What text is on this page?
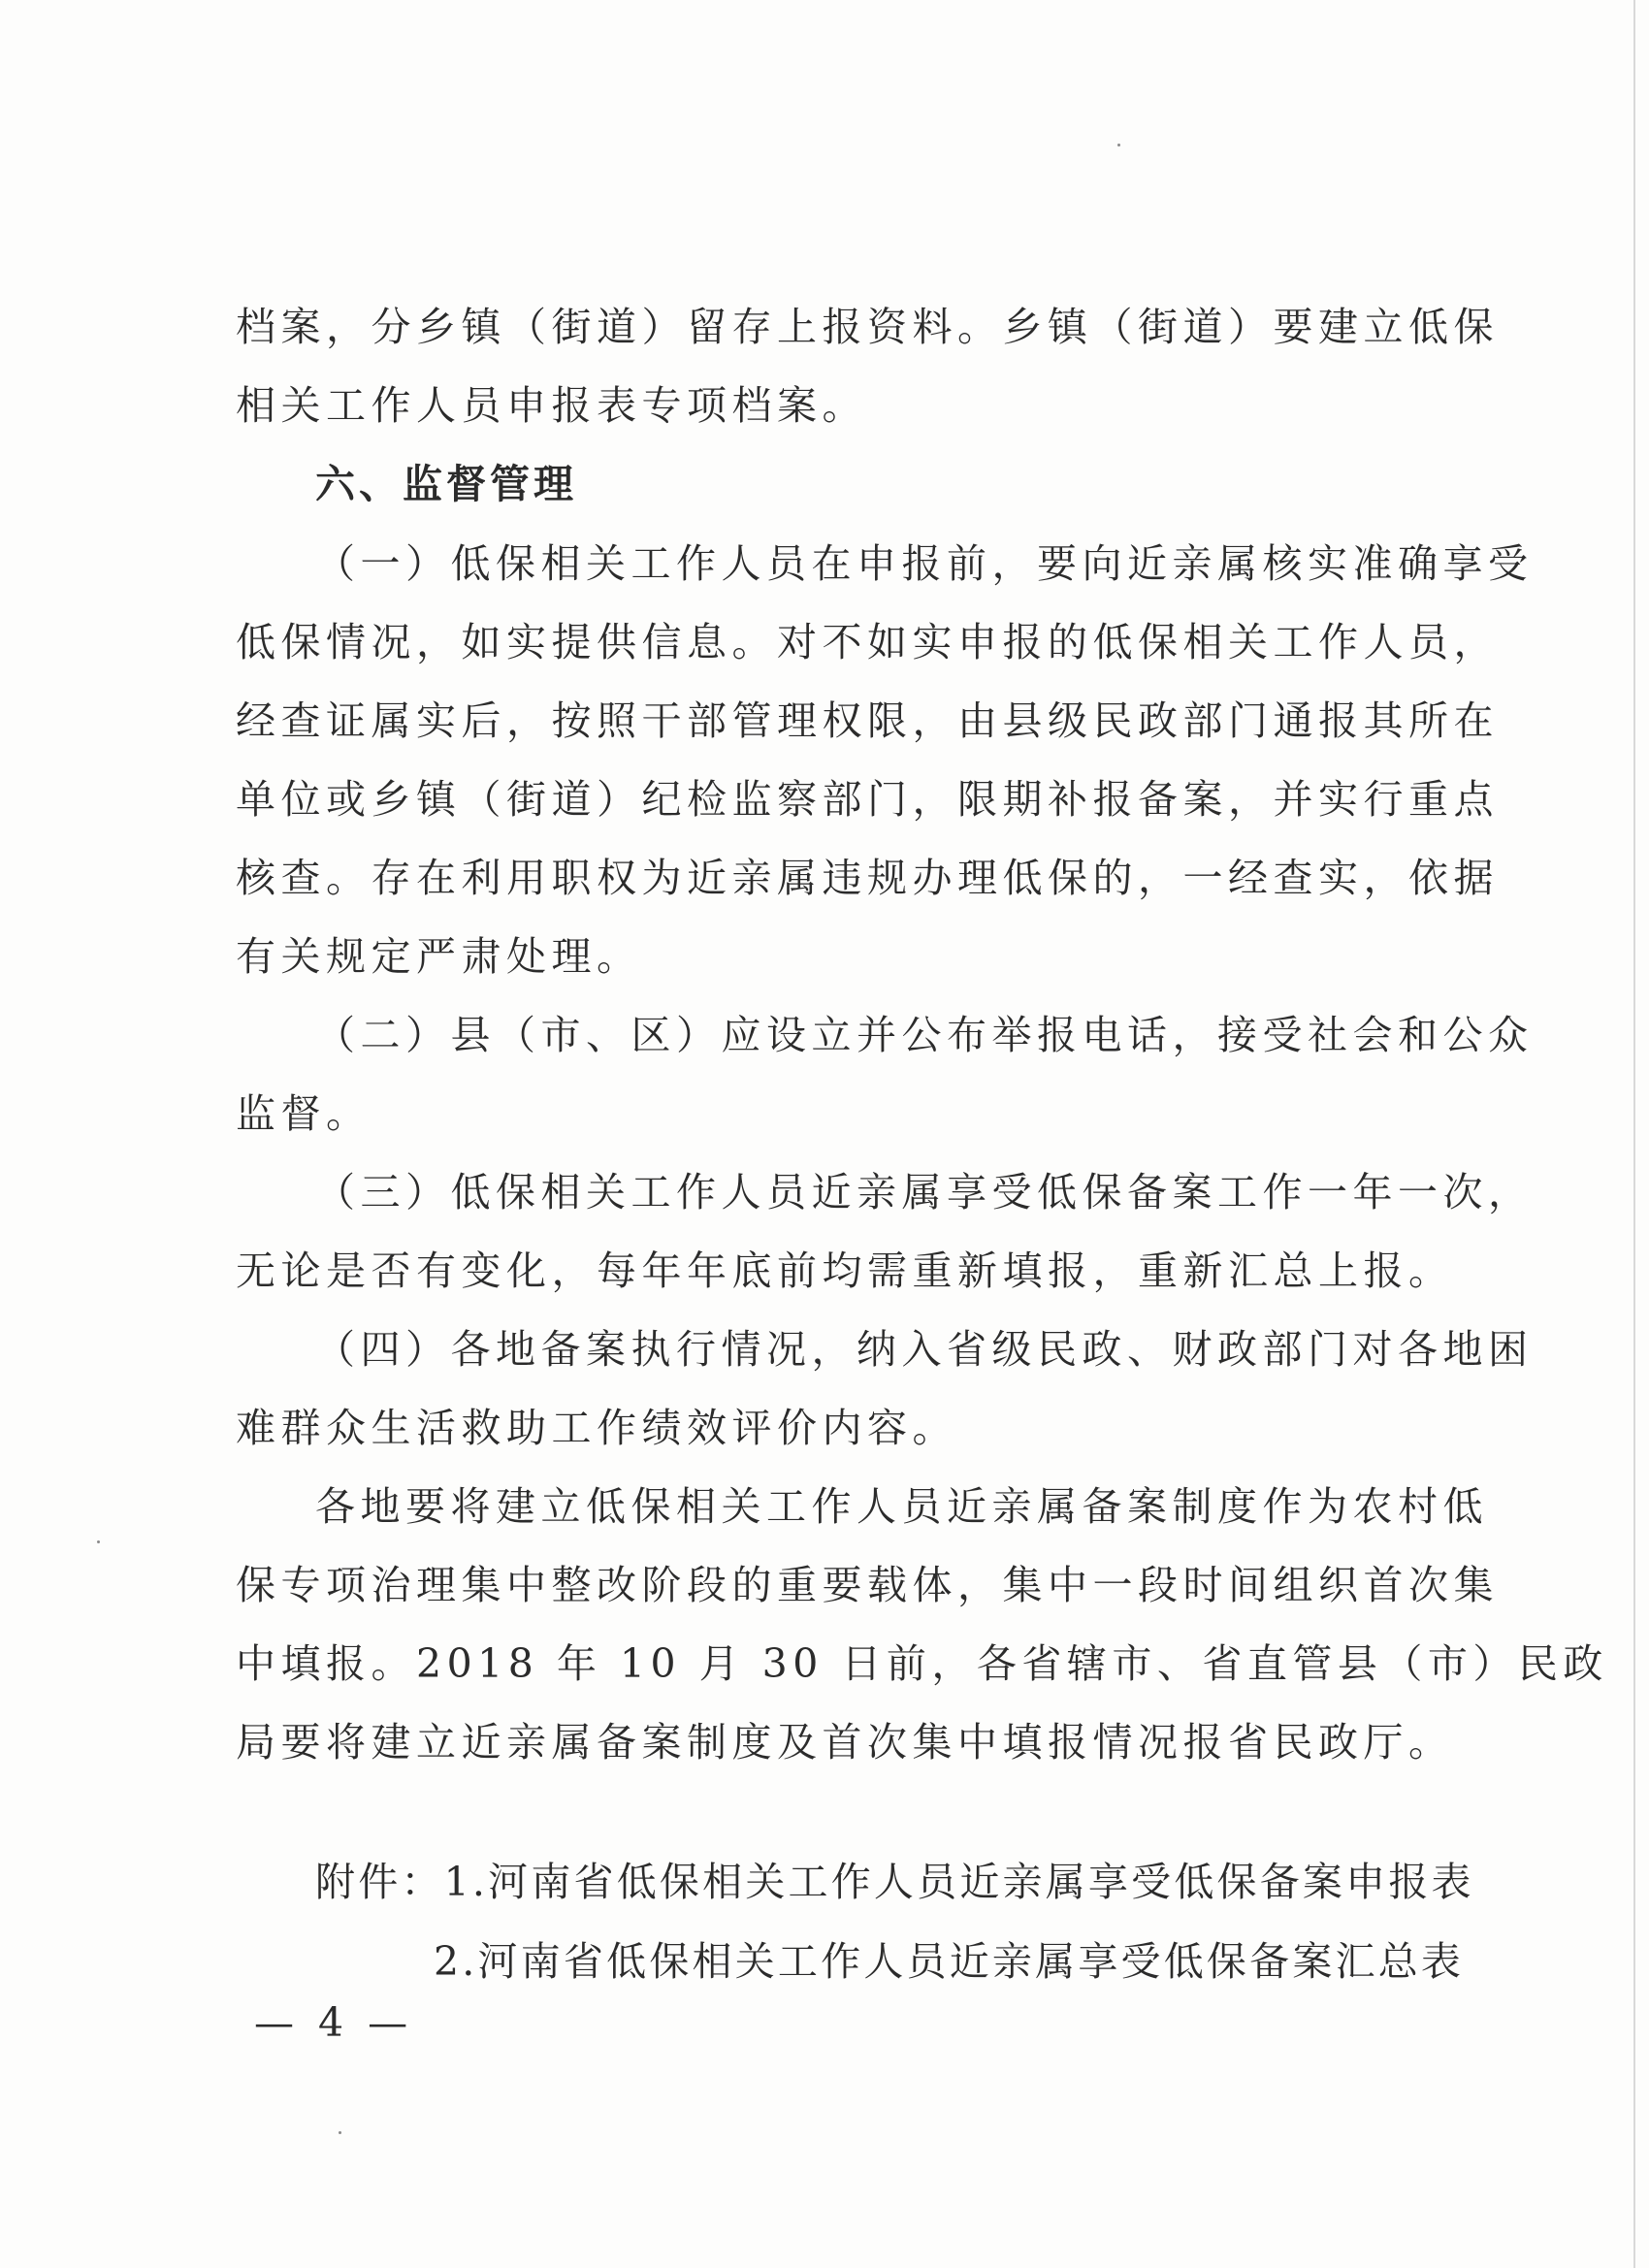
档案，分乡镇（街道）留存上报资料。乡镇（街道）要建立低保
相关工作人员申报表专项档案。
六、监督管理
（一）低保相关工作人员在申报前，要向近亲属核实准确享受
低保情况，如实提供信息。对不如实申报的低保相关工作人员，
经查证属实后，按照干部管理权限，由县级民政部门通报其所在
单位或乡镇（街道）纪检监察部门，限期补报备案，并实行重点
核查。存在利用职权为近亲属违规办理低保的，一经查实，依据
有关规定严肃处理。
（二）县（市、区）应设立并公布举报电话，接受社会和公众
监督。
（三）低保相关工作人员近亲属享受低保备案工作一年一次，
无论是否有变化，每年年底前均需重新填报，重新汇总上报。
（四）各地备案执行情况，纳入省级民政、财政部门对各地困
难群众生活救助工作绩效评价内容。
各地要将建立低保相关工作人员近亲属备案制度作为农村低
保专项治理集中整改阶段的重要载体，集中一段时间组织首次集
中填报。2018 年 10 月 30 日前，各省辖市、省直管县（市）民政
局要将建立近亲属备案制度及首次集中填报情况报省民政厅。
附件：1.河南省低保相关工作人员近亲属享受低保备案申报表
2.河南省低保相关工作人员近亲属享受低保备案汇总表
— 4 —
